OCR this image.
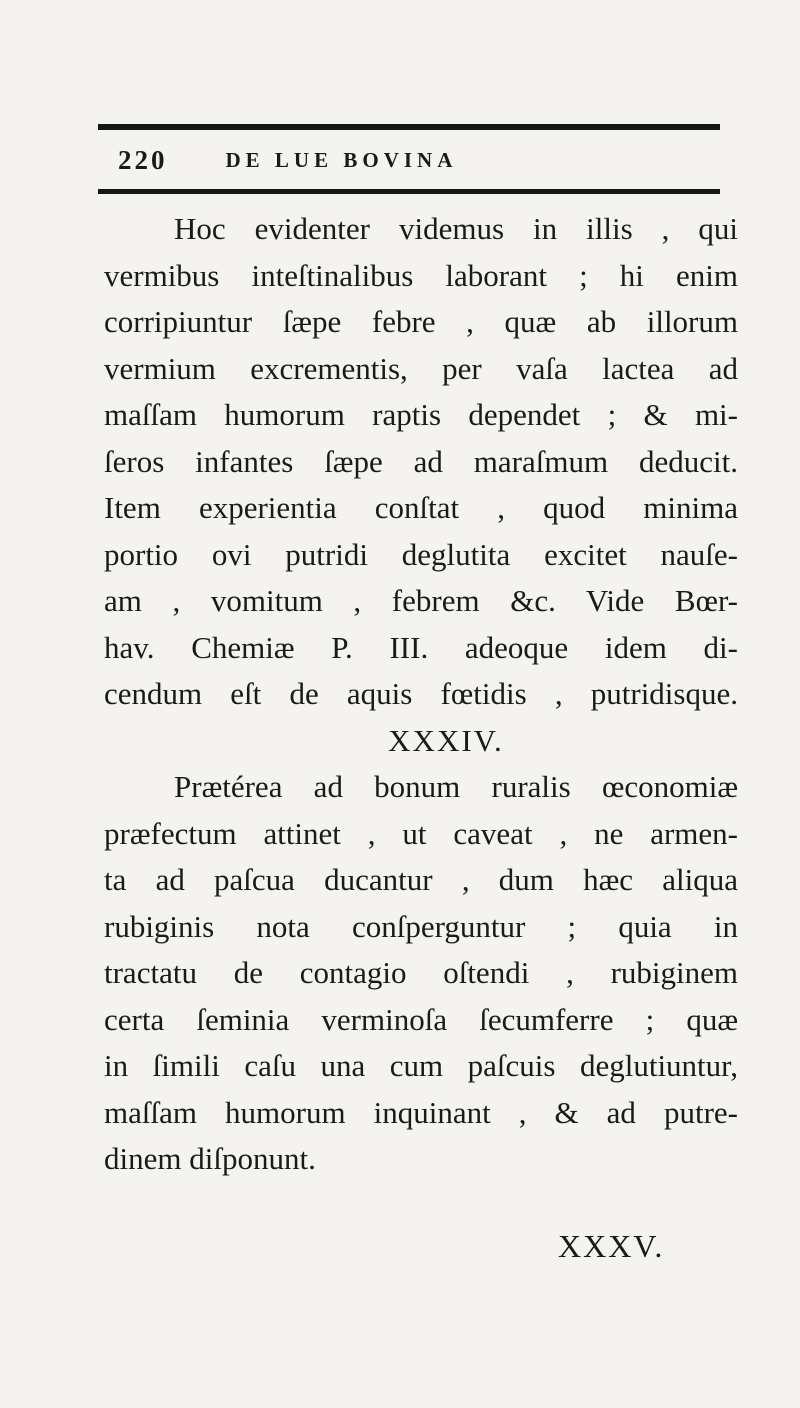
220	DE LUE BOVINA
Hoc evidenter videmus in illis , qui
vermibus inteſtinalibus laborant ; hi enim
corripiuntur ſæpe febre , quæ ab illorum
vermium excrementis, per vaſa lactea ad
maſſam humorum raptis dependet ; & mi-
ſeros infantes ſæpe ad maraſmum deducit.
Item experientia conſtat , quod minima
portio ovi putridi deglutita excitet nauſe-
am , vomitum , febrem &c. Vide Bœr-
hav. Chemiæ P. III. adeoque idem di-
cendum eſt de aquis fœtidis , putridisque.
XXXIV.
Prætérea ad bonum ruralis œconomiæ
præfectum attinet , ut caveat , ne armen-
ta ad paſcua ducantur , dum hæc aliqua
rubiginis nota conſperguntur ; quia in
tractatu de contagio oſtendi , rubiginem
certa ſeminia verminoſa ſecumferre ; quæ
in ſimili caſu una cum paſcuis deglutiuntur,
maſſam humorum inquinant , & ad putre-
dinem diſponunt.
XXXV.
